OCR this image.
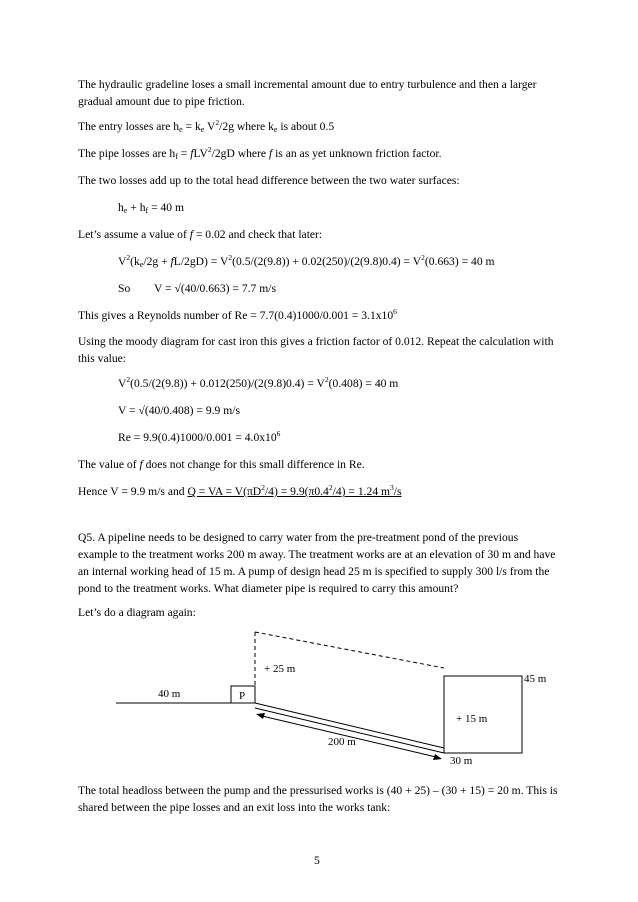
The hydraulic gradeline loses a small incremental amount due to entry turbulence and then a larger gradual amount due to pipe friction.
The entry losses are $h_e = k_e$ $V^2/2g$ where $k_e$ is about 0.5
The pipe losses are $h_f = fLV^2/2gD$ where f is an as yet unknown friction factor.
The two losses add up to the total head difference between the two water surfaces:
$h_e + h_f = 40$ m
Let’s assume a value of f = 0.02 and check that later:
$V^2(k_e/2g + fL/2gD) = V^2(0.5/(2(9.8)) + 0.02(250)/(2(9.8)0.4) = V^2(0.663) = 40$ m
So V = √(40/0.663) = 7.7 m/s
This gives a Reynolds number of $Re = 7.7(0.4)1000/0.001 = 3.1x10^6$
Using the moody diagram for cast iron this gives a friction factor of 0.012. Repeat the calculation with this value:
$V^2(0.5/(2(9.8)) + 0.012(250)/(2(9.8)0.4) = V^2(0.408) = 40$ m
V = √(40/0.408) = 9.9 m/s
$Re = 9.9(0.4)1000/0.001 = 4.0x10^6$
The value of f does not change for this small difference in Re.
Hence V = 9.9 m/s and Q = VA = $V(\pi D^2/4) = 9.9(\pi 0.4^2/4) = 1.24$ $m^3/s$
Q5. A pipeline needs to be designed to carry water from the pre-treatment pond of the previous example to the treatment works 200 m away. The treatment works are at an elevation of 30 m and have an internal working head of 15 m. A pump of design head 25 m is specified to supply 300 l/s from the pond to the treatment works. What diameter pipe is required to carry this amount?
Let’s do a diagram again:
40 m	P
+ 25 m
45 m
+ 15 m
200 m
30 m
The total headloss between the pump and the pressurised works is (40 + 25) – (30 + 15) = 20 m. This is shared between the pipe losses and an exit loss into the works tank:
5
